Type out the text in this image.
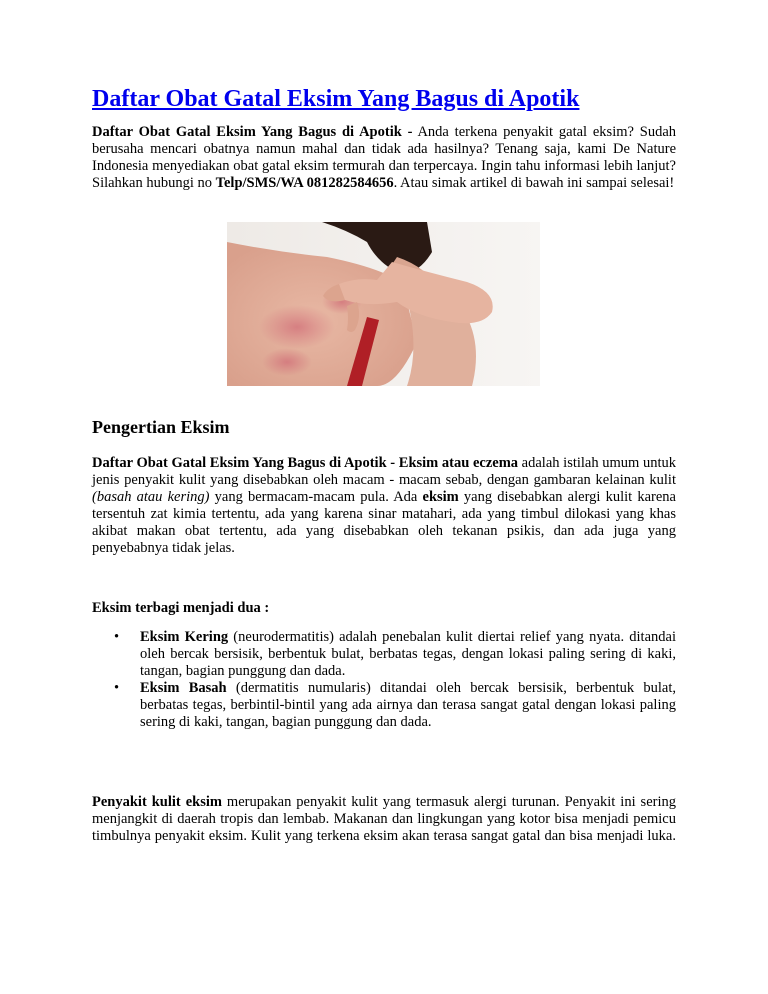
Daftar Obat Gatal Eksim Yang Bagus di Apotik

Daftar Obat Gatal Eksim Yang Bagus di Apotik - Anda terkena penyakit gatal eksim? Sudah berusaha mencari obatnya namun mahal dan tidak ada hasilnya? Tenang saja, kami De Nature Indonesia menyediakan obat gatal eksim termurah dan terpercaya. Ingin tahu informasi lebih lanjut? Silahkan hubungi no Telp/SMS/WA 081282584656. Atau simak artikel di bawah ini sampai selesai!

Pengertian Eksim

Daftar Obat Gatal Eksim Yang Bagus di Apotik - Eksim atau eczema adalah istilah umum untuk jenis penyakit kulit yang disebabkan oleh macam - macam sebab, dengan gambaran kelainan kulit (basah atau kering) yang bermacam-macam pula. Ada eksim yang disebabkan alergi kulit karena tersentuh zat kimia tertentu, ada yang karena sinar matahari, ada yang timbul dilokasi yang khas akibat makan obat tertentu, ada yang disebabkan oleh tekanan psikis, dan ada juga yang penyebabnya tidak jelas.

Eksim terbagi menjadi dua :

• Eksim Kering (neurodermatitis) adalah penebalan kulit diertai relief yang nyata. ditandai oleh bercak bersisik, berbentuk bulat, berbatas tegas, dengan lokasi paling sering di kaki, tangan, bagian punggung dan dada.
• Eksim Basah (dermatitis numularis) ditandai oleh bercak bersisik, berbentuk bulat, berbatas tegas, berbintil-bintil yang ada airnya dan terasa sangat gatal dengan lokasi paling sering di kaki, tangan, bagian punggung dan dada.

Penyakit kulit eksim merupakan penyakit kulit yang termasuk alergi turunan. Penyakit ini sering menjangkit di daerah tropis dan lembab. Makanan dan lingkungan yang kotor bisa menjadi pemicu timbulnya penyakit eksim. Kulit yang terkena eksim akan terasa sangat gatal dan bisa menjadi luka.
